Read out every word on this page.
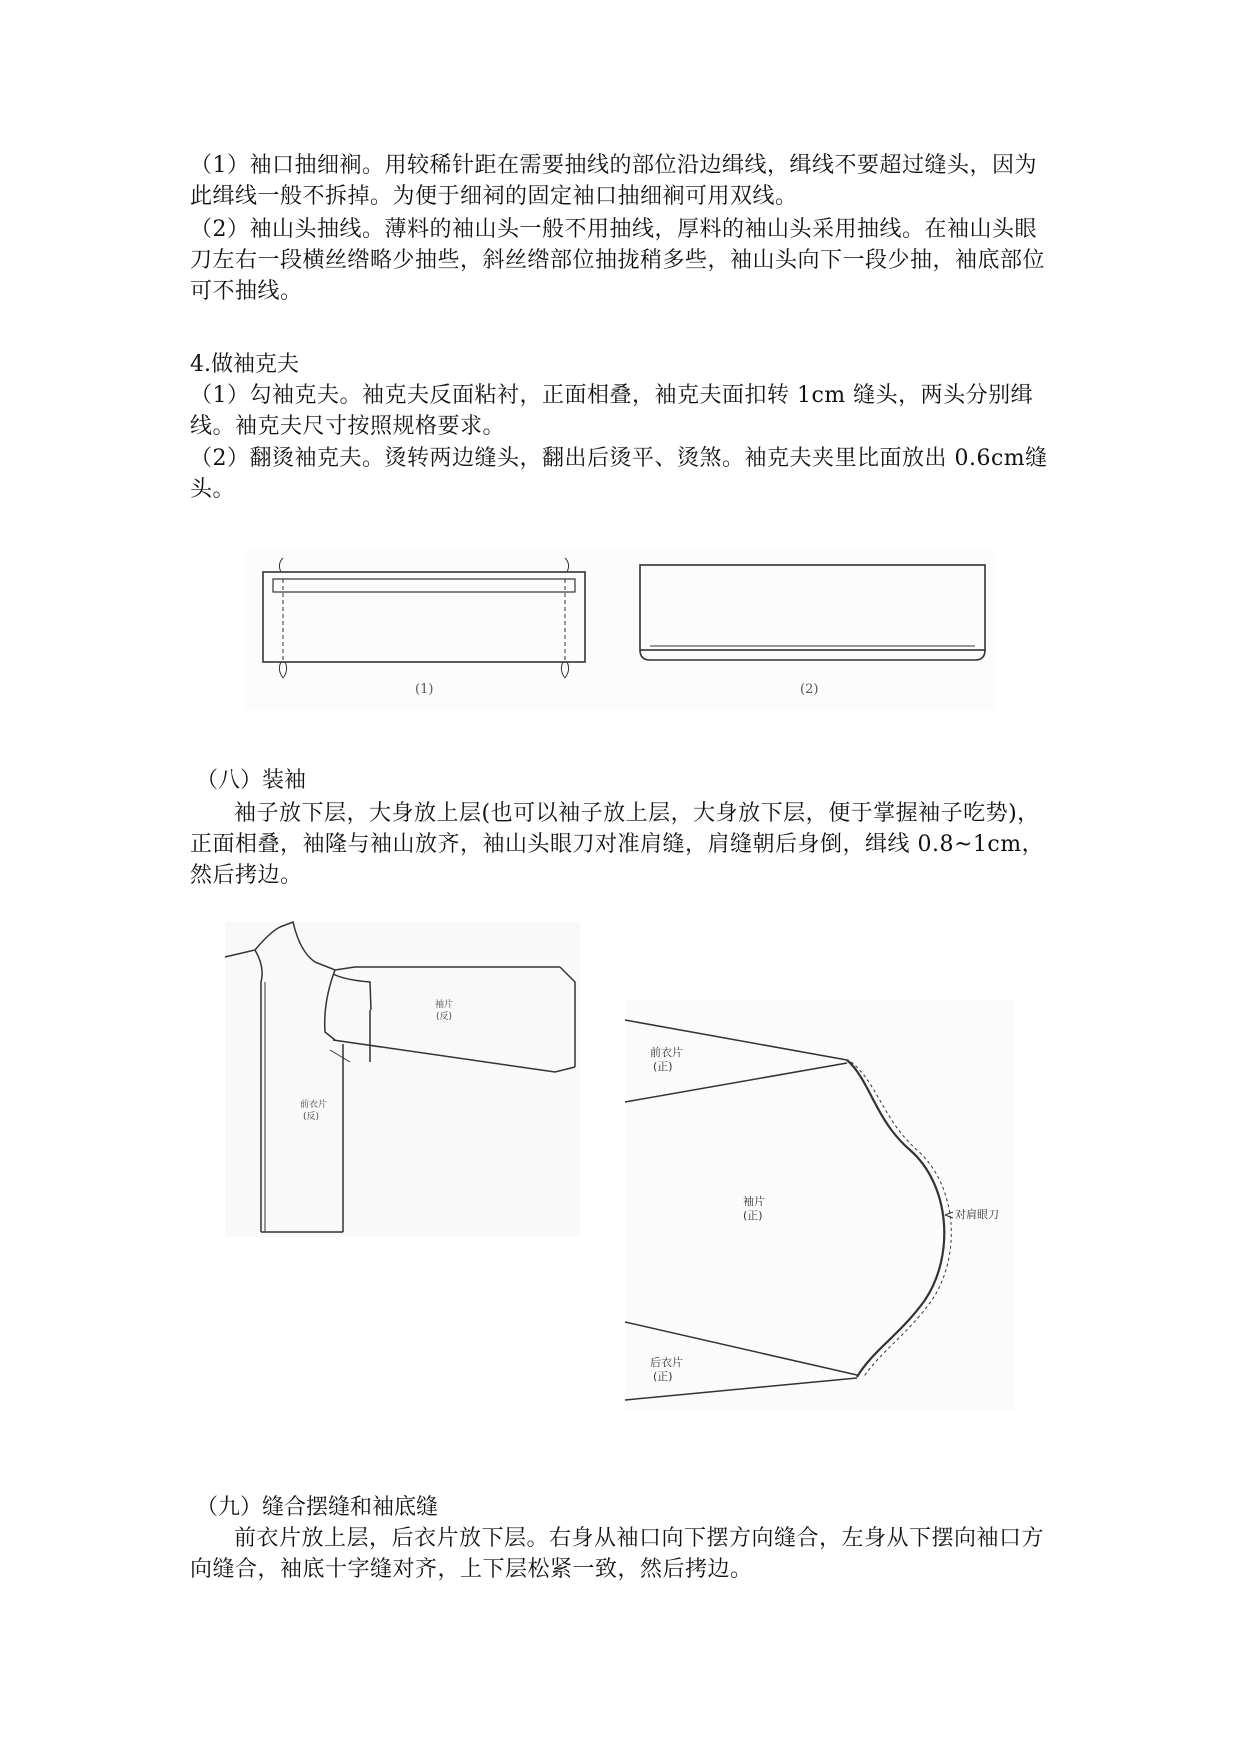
（1）袖口抽细裥。用较稀针距在需要抽线的部位沿边缉线，缉线不要超过缝头，因为此缉线一般不拆掉。为便于细祠的固定袖口抽细裥可用双线。

（2）袖山头抽线。薄料的袖山头一般不用抽线，厚料的袖山头采用抽线。在袖山头眼刀左右一段横丝绺略少抽些，斜丝绺部位抽拢稍多些，袖山头向下一段少抽，袖底部位可不抽线。

4.做袖克夫

（1）勾袖克夫。袖克夫反面粘衬，正面相叠，袖克夫面扣转 1cm 缝头，两头分别缉线。袖克夫尺寸按照规格要求。

（2）翻烫袖克夫。烫转两边缝头，翻出后烫平、烫煞。袖克夫夹里比面放出 0.6cm缝头。

(1)	(2)

（八）装袖

袖子放下层，大身放上层(也可以袖子放上层，大身放下层，便于掌握袖子吃势)，正面相叠，袖隆与袖山放齐，袖山头眼刀对准肩缝，肩缝朝后身倒，缉线 0.8~1cm，然后拷边。

袖片
(反)
前衣片
(反)
前衣片
(正)
袖片
(正)	对肩眼刀
后衣片
(正)

（九）缝合摆缝和袖底缝

前衣片放上层，后衣片放下层。右身从袖口向下摆方向缝合，左身从下摆向袖口方向缝合，袖底十字缝对齐，上下层松紧一致，然后拷边。
